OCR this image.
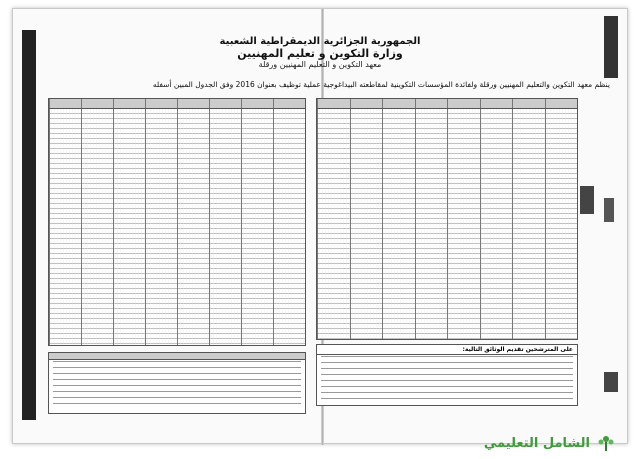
الجمهورية الجزائرية الديمقراطية الشعبية
وزارة التكوين و تعليم المهنيين
معهد التكوين و التعليم المهنيين ورقلة
ينظم معهد التكوين والتعليم المهنيين ورقلة ولفائدة المؤسسات التكوينية لمقاطعته البيداغوجية عملية توظيف بعنوان 2016 وفق الجدول المبين أسفله
على المترشحين تقديم الوثائق التالية:
الشامل التعليمي
